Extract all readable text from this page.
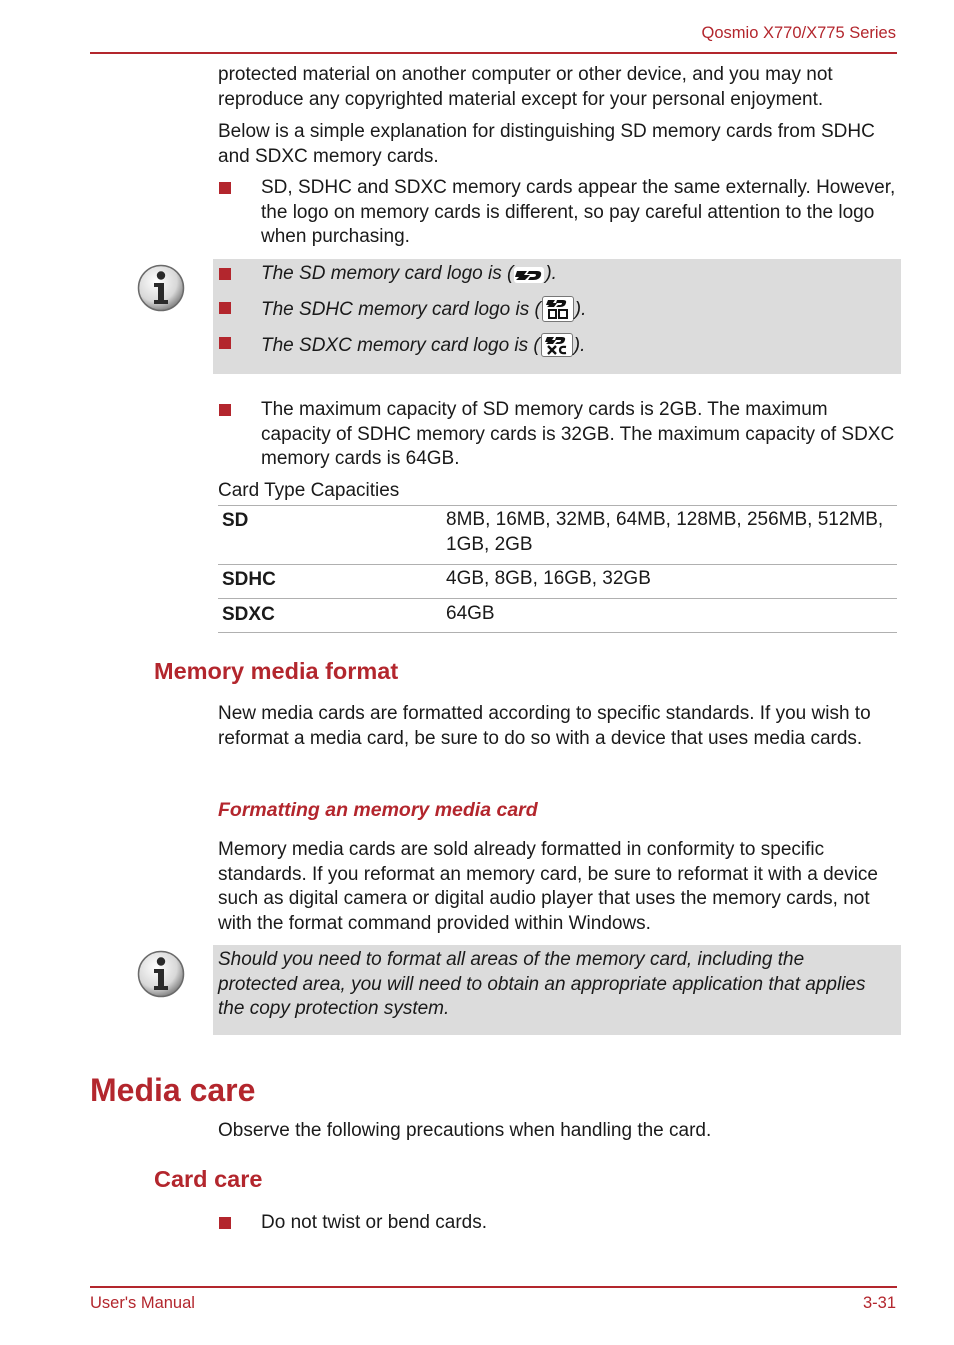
Qosmio X770/X775 Series

protected material on another computer or other device, and you may not reproduce any copyrighted material except for your personal enjoyment.

Below is a simple explanation for distinguishing SD memory cards from SDHC and SDXC memory cards.

SD, SDHC and SDXC memory cards appear the same externally. However, the logo on memory cards is different, so pay careful attention to the logo when purchasing.
The SD memory card logo is ( ).
The SDHC memory card logo is ( ).
The SDXC memory card logo is ( ).
The maximum capacity of SD memory cards is 2GB. The maximum capacity of SDHC memory cards is 32GB. The maximum capacity of SDXC memory cards is 64GB.
Card Type Capacities
SD	8MB, 16MB, 32MB, 64MB, 128MB, 256MB, 512MB, 1GB, 2GB
SDHC	4GB, 8GB, 16GB, 32GB
SDXC	64GB
Memory media format

New media cards are formatted according to specific standards. If you wish to reformat a media card, be sure to do so with a device that uses media cards.

Formatting an memory media card

Memory media cards are sold already formatted in conformity to specific standards. If you reformat an memory card, be sure to reformat it with a device such as digital camera or digital audio player that uses the memory cards, not with the format command provided within Windows.

Should you need to format all areas of the memory card, including the protected area, you will need to obtain an appropriate application that applies the copy protection system.

Media care

Observe the following precautions when handling the card.

Card care
Do not twist or bend cards.
User's Manual	3-31
